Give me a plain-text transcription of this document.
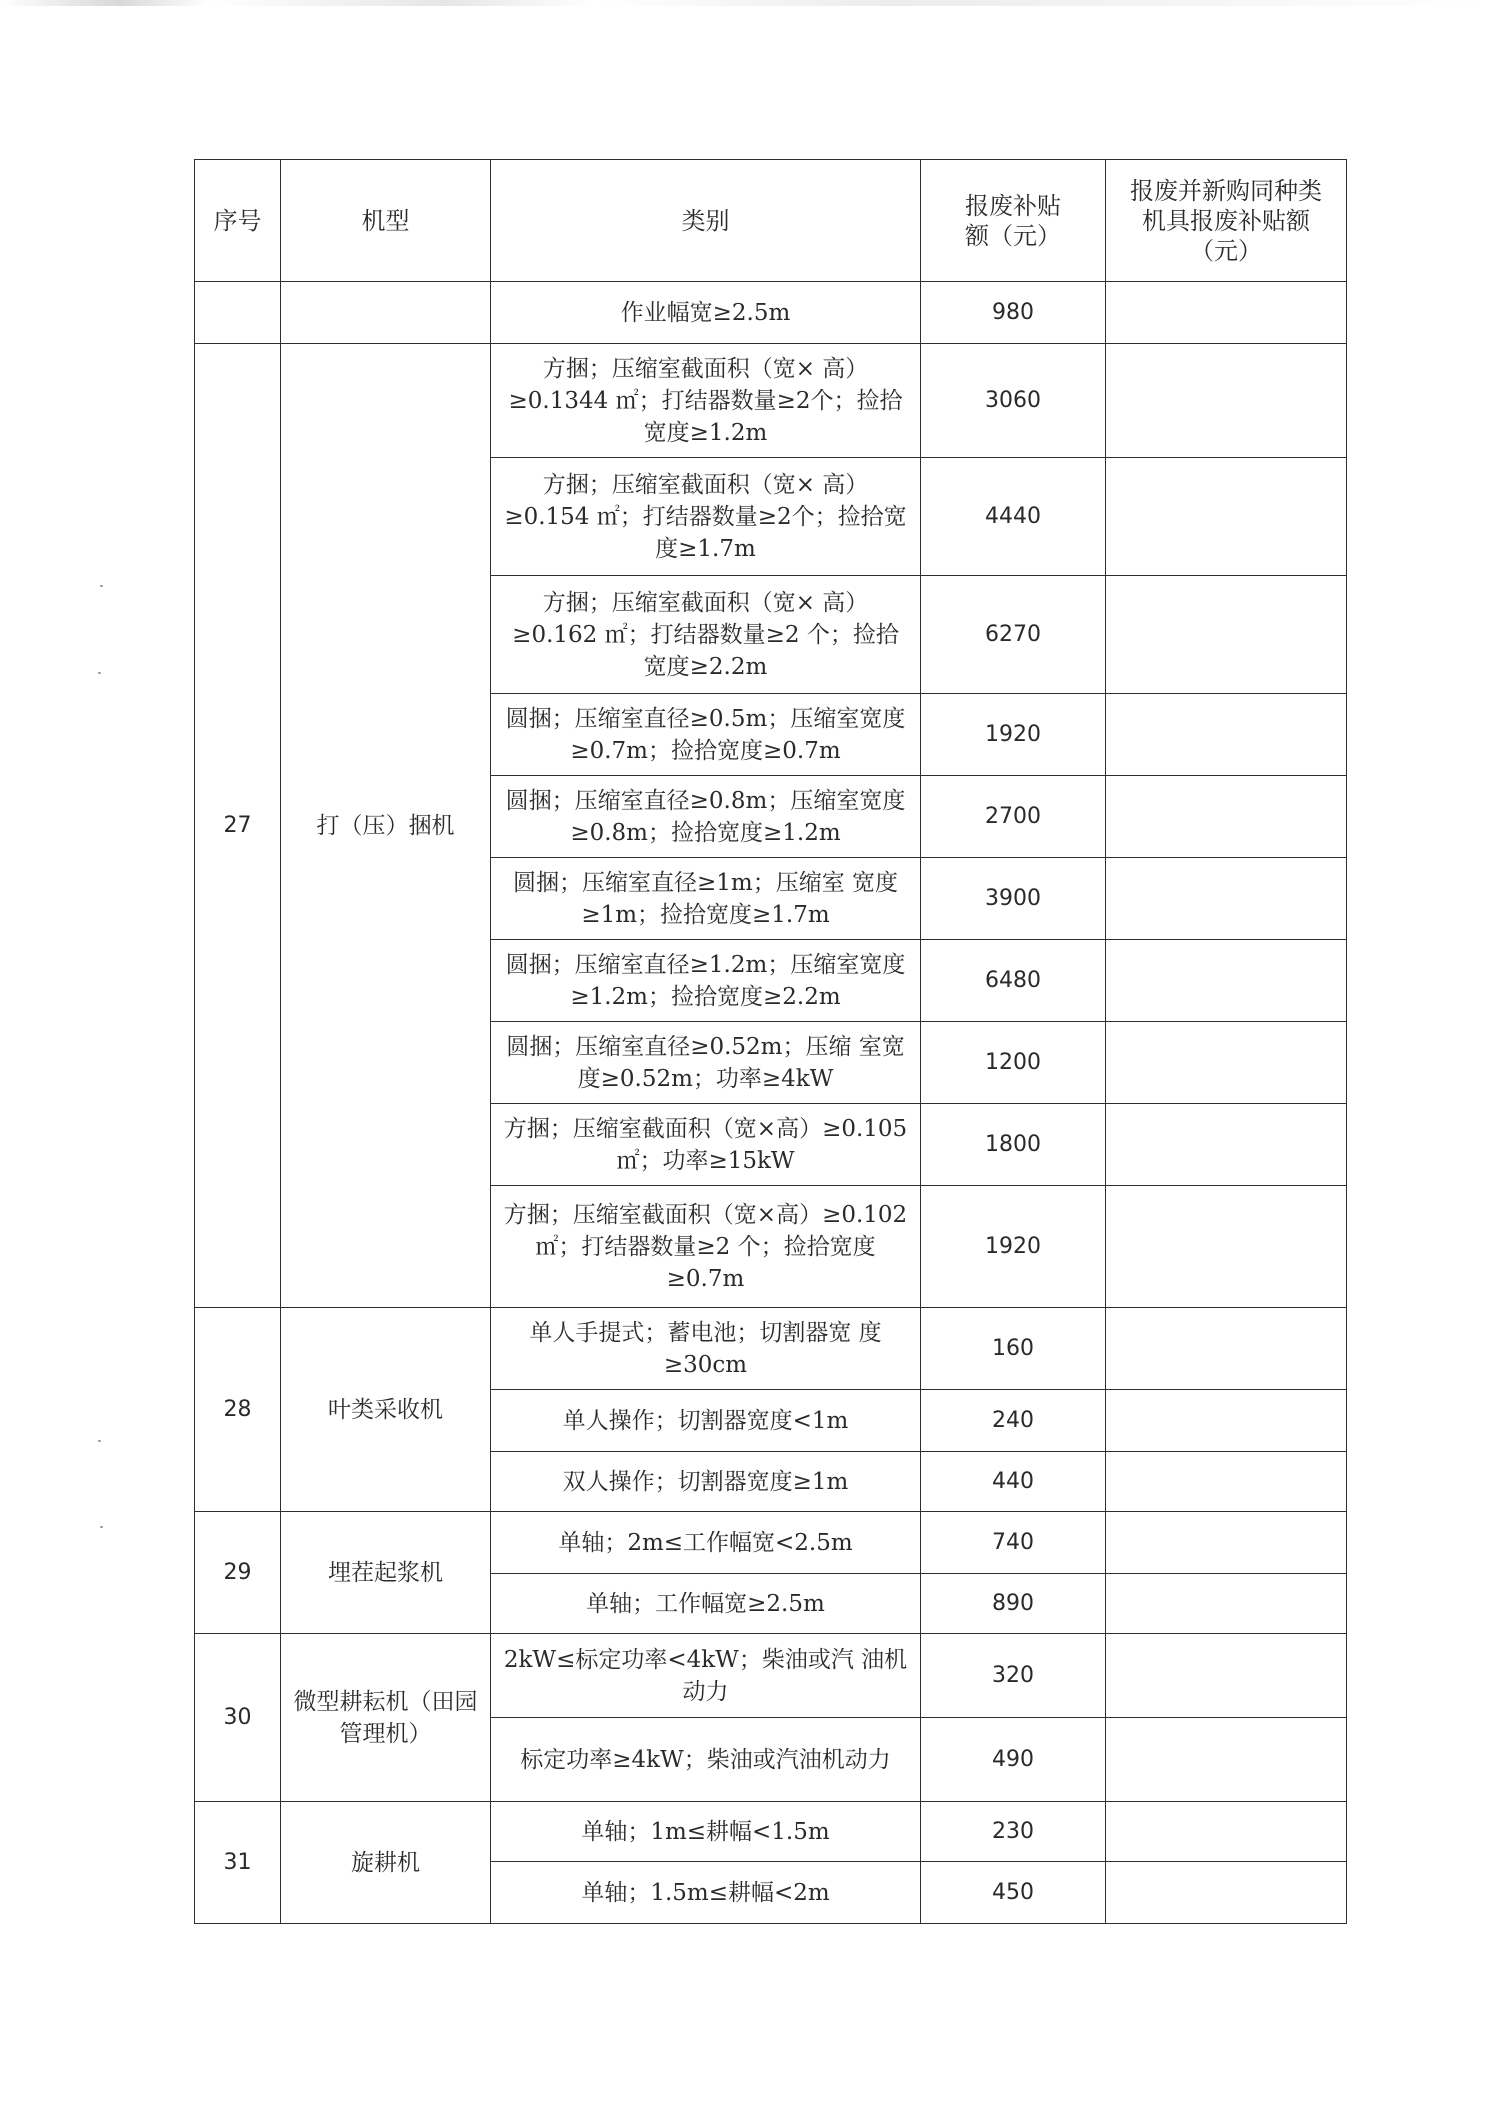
序号	机型	类别	报废补贴额（元）	报废并新购同种类机具报废补贴额（元）
		作业幅宽≥2.5m	980	
27	打（压）捆机	方捆；压缩室截面积（宽× 高）≥0.1344 ㎡；打结器数量≥2个；捡拾宽度≥1.2m	3060	
		方捆；压缩室截面积（宽× 高）≥0.154 ㎡；打结器数量≥2个；捡拾宽度≥1.7m	4440	
		方捆；压缩室截面积（宽× 高）≥0.162 ㎡；打结器数量≥2 个；捡拾宽度≥2.2m	6270	
		圆捆；压缩室直径≥0.5m；压缩室宽度≥0.7m；捡拾宽度≥0.7m	1920	
		圆捆；压缩室直径≥0.8m；压缩室宽度≥0.8m；捡拾宽度≥1.2m	2700	
		圆捆；压缩室直径≥1m；压缩室 宽度≥1m；捡拾宽度≥1.7m	3900	
		圆捆；压缩室直径≥1.2m；压缩室宽度≥1.2m；捡拾宽度≥2.2m	6480	
		圆捆；压缩室直径≥0.52m；压缩 室宽度≥0.52m；功率≥4kW	1200	
		方捆；压缩室截面积（宽×高）≥0.105 ㎡；功率≥15kW	1800	
		方捆；压缩室截面积（宽×高）≥0.102㎡；打结器数量≥2 个；捡拾宽度≥0.7m	1920	
28	叶类采收机	单人手提式；蓄电池；切割器宽 度≥30cm	160	
		单人操作；切割器宽度<1m	240	
		双人操作；切割器宽度≥1m	440	
29	埋茬起浆机	单轴；2m≤工作幅宽<2.5m	740	
		单轴；工作幅宽≥2.5m	890	
30	微型耕耘机（田园管理机）	2kW≤标定功率<4kW；柴油或汽 油机动力	320	
		标定功率≥4kW；柴油或汽油机动力	490	
31	旋耕机	单轴；1m≤耕幅<1.5m	230	
		单轴；1.5m≤耕幅<2m	450	
